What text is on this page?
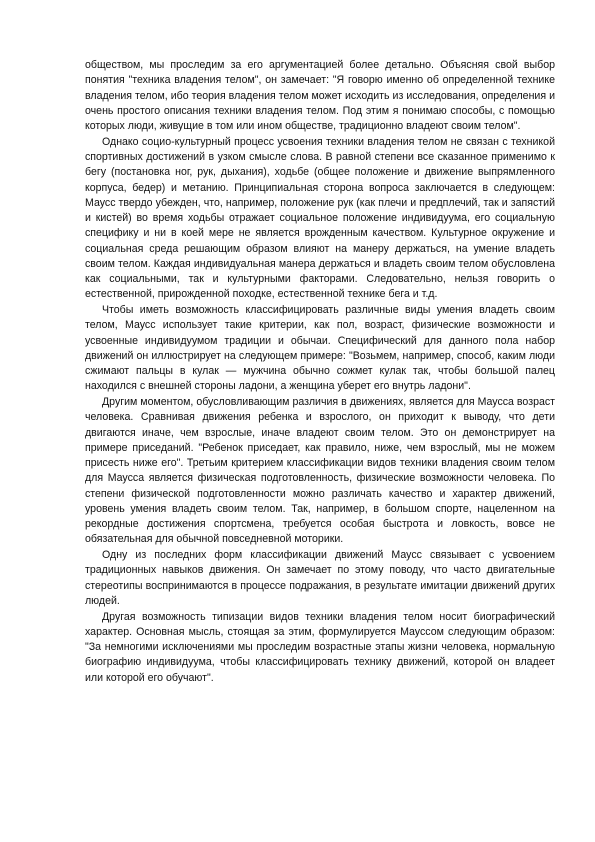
обществом, мы проследим за его аргументацией более детально. Объясняя свой выбор понятия "техника владения телом", он замечает: "Я говорю именно об определенной технике владения телом, ибо теория владения телом может исходить из исследования, определения и очень простого описания техники владения телом. Под этим я понимаю способы, с помощью которых люди, живущие в том или ином обществе, традиционно владеют своим телом".

Однако социо-культурный процесс усвоения техники владения телом не связан с техникой спортивных достижений в узком смысле слова. В равной степени все сказанное применимо к бегу (постановка ног, рук, дыхания), ходьбе (общее положение и движение выпрямленного корпуса, бедер) и метанию. Принципиальная сторона вопроса заключается в следующем: Маусс твердо убежден, что, например, положение рук (как плечи и предплечий, так и запястий и кистей) во время ходьбы отражает социальное положение индивидуума, его социальную специфику и ни в коей мере не является врожденным качеством. Культурное окружение и социальная среда решающим образом влияют на манеру держаться, на умение владеть своим телом. Каждая индивидуальная манера держаться и владеть своим телом обусловлена как социальными, так и культурными факторами. Следовательно, нельзя говорить о естественной, прирожденной походке, естественной технике бега и т.д.

Чтобы иметь возможность классифицировать различные виды умения владеть своим телом, Маусс использует такие критерии, как пол, возраст, физические возможности и усвоенные индивидуумом традиции и обычаи. Специфический для данного пола набор движений он иллюстрирует на следующем примере: "Возьмем, например, способ, каким люди сжимают пальцы в кулак — мужчина обычно сожмет кулак так, чтобы большой палец находился с внешней стороны ладони, а женщина уберет его внутрь ладони".

Другим моментом, обусловливающим различия в движениях, является для Маусса возраст человека. Сравнивая движения ребенка и взрослого, он приходит к выводу, что дети двигаются иначе, чем взрослые, иначе владеют своим телом. Это он демонстрирует на примере приседаний. "Ребенок приседает, как правило, ниже, чем взрослый, мы не можем присесть ниже его". Третьим критерием классификации видов техники владения своим телом для Маусса является физическая подготовленность, физические возможности человека. По степени физической подготовленности можно различать качество и характер движений, уровень умения владеть своим телом. Так, например, в большом спорте, нацеленном на рекордные достижения спортсмена, требуется особая быстрота и ловкость, вовсе не обязательная для обычной повседневной моторики.

Одну из последних форм классификации движений Маусс связывает с усвоением традиционных навыков движения. Он замечает по этому поводу, что часто двигательные стереотипы воспринимаются в процессе подражания, в результате имитации движений других людей.

Другая возможность типизации видов техники владения телом носит биографический характер. Основная мысль, стоящая за этим, формулируется Мауссом следующим образом: "За немногими исключениями мы проследим возрастные этапы жизни человека, нормальную биографию индивидуума, чтобы классифицировать технику движений, которой он владеет или которой его обучают".
